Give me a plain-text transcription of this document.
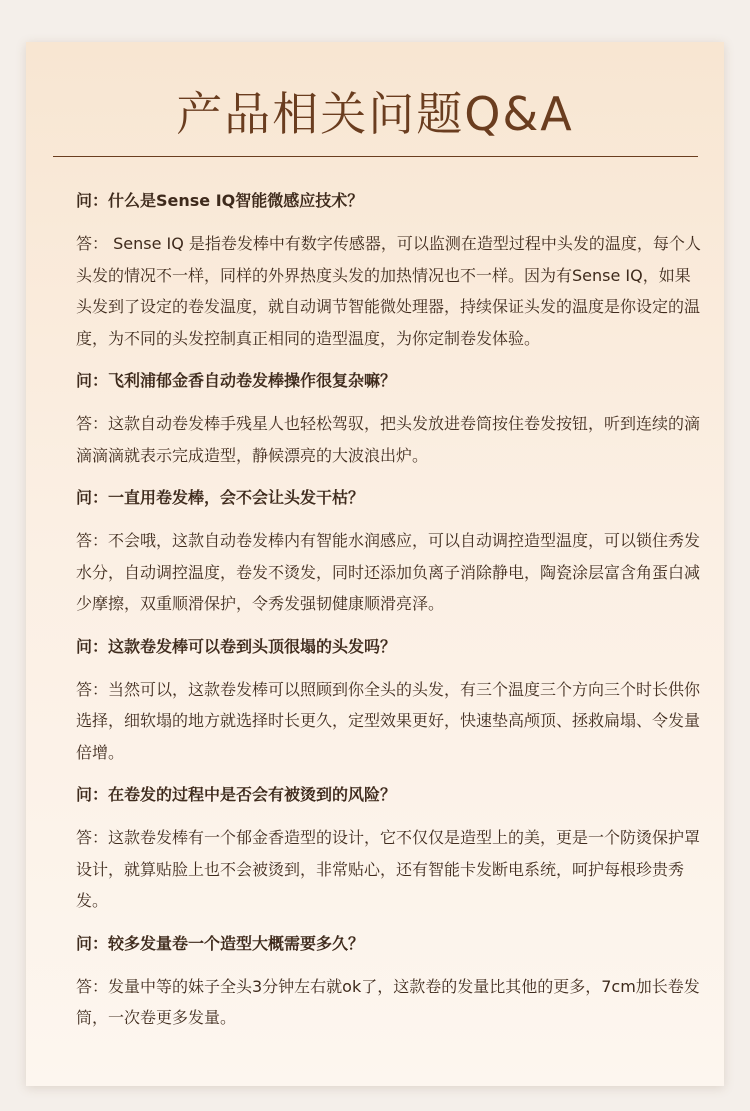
产品相关问题Q&A

问：什么是Sense IQ智能微感应技术？

答： Sense IQ 是指卷发棒中有数字传感器，可以监测在造型过程中头发的温度，每个人头发的情况不一样，同样的外界热度头发的加热情况也不一样。因为有Sense IQ，如果头发到了设定的卷发温度，就自动调节智能微处理器，持续保证头发的温度是你设定的温度，为不同的头发控制真正相同的造型温度，为你定制卷发体验。

问：飞利浦郁金香自动卷发棒操作很复杂嘛？

答：这款自动卷发棒手残星人也轻松驾驭，把头发放进卷筒按住卷发按钮，听到连续的滴滴滴滴就表示完成造型，静候漂亮的大波浪出炉。

问：一直用卷发棒，会不会让头发干枯？

答：不会哦，这款自动卷发棒内有智能水润感应，可以自动调控造型温度，可以锁住秀发水分，自动调控温度，卷发不烫发，同时还添加负离子消除静电，陶瓷涂层富含角蛋白减少摩擦，双重顺滑保护，令秀发强韧健康顺滑亮泽。

问：这款卷发棒可以卷到头顶很塌的头发吗？

答：当然可以，这款卷发棒可以照顾到你全头的头发，有三个温度三个方向三个时长供你选择，细软塌的地方就选择时长更久，定型效果更好，快速垫高颅顶、拯救扁塌、令发量倍增。

问：在卷发的过程中是否会有被烫到的风险？

答：这款卷发棒有一个郁金香造型的设计，它不仅仅是造型上的美，更是一个防烫保护罩设计，就算贴脸上也不会被烫到，非常贴心，还有智能卡发断电系统，呵护每根珍贵秀发。

问：较多发量卷一个造型大概需要多久？

答：发量中等的妹子全头3分钟左右就ok了，这款卷的发量比其他的更多，7cm加长卷发筒，一次卷更多发量。
